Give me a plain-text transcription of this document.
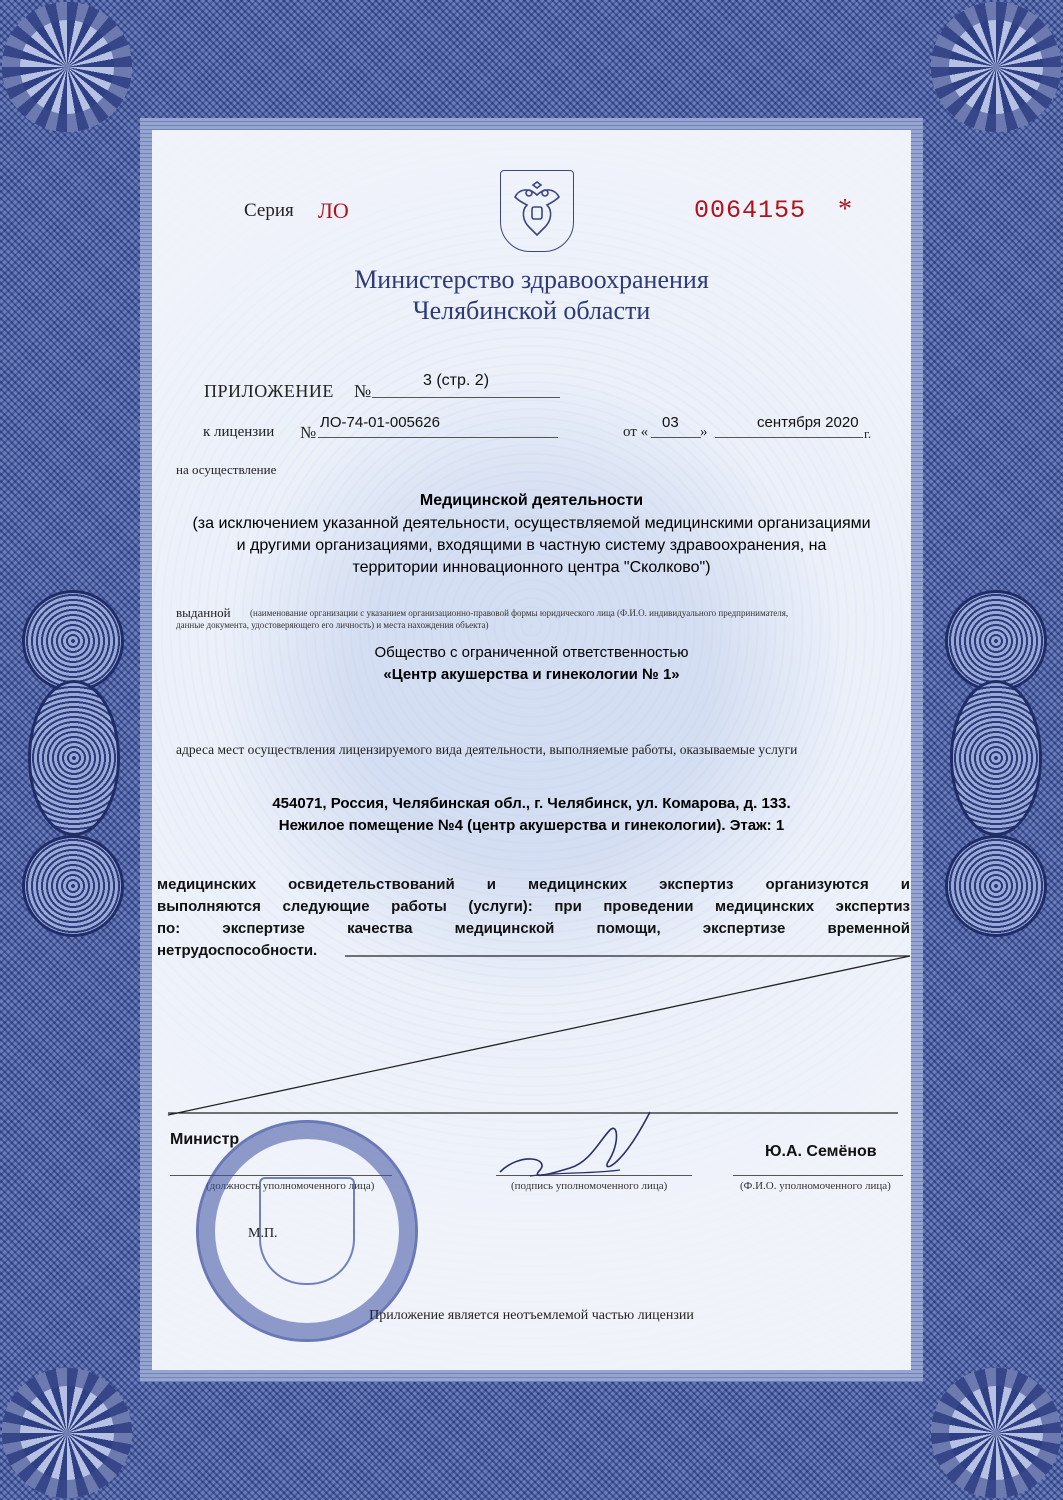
Серия ЛО	0064155 *
Министерство здравоохранения
Челябинской области
ПРИЛОЖЕНИЕ №
3 (стр. 2)
к лицензии №
ЛО-74-01-005626
от «
03
»
сентября 2020
г.
на осуществление
Медицинской деятельности
(за исключением указанной деятельности, осуществляемой медицинскими организациями
и другими организациями, входящими в частную систему здравоохранения, на
территории инновационного центра "Сколково")
выданной (наименование организации с указанием организационно-правовой формы юридического лица (Ф.И.О. индивидуального предпринимателя,
данные документа, удостоверяющего его личность) и места нахождения объекта)
Общество с ограниченной ответственностью
«Центр акушерства и гинекологии № 1»
адреса мест осуществления лицензируемого вида деятельности, выполняемые работы, оказываемые услуги
454071, Россия, Челябинская обл., г. Челябинск, ул. Комарова, д. 133.
Нежилое помещение №4 (центр акушерства и гинекологии). Этаж: 1
медицинских освидетельствований и медицинских экспертиз организуются и
выполняются следующие работы (услуги): при проведении медицинских экспертиз
по: экспертизе качества медицинской помощи, экспертизе временной
нетрудоспособности.
Министр
Ю.А. Семёнов
(должность уполномоченного лица)	(подпись уполномоченного лица)	(Ф.И.О. уполномоченного лица)
М.П.
Приложение является неотъемлемой частью лицензии
